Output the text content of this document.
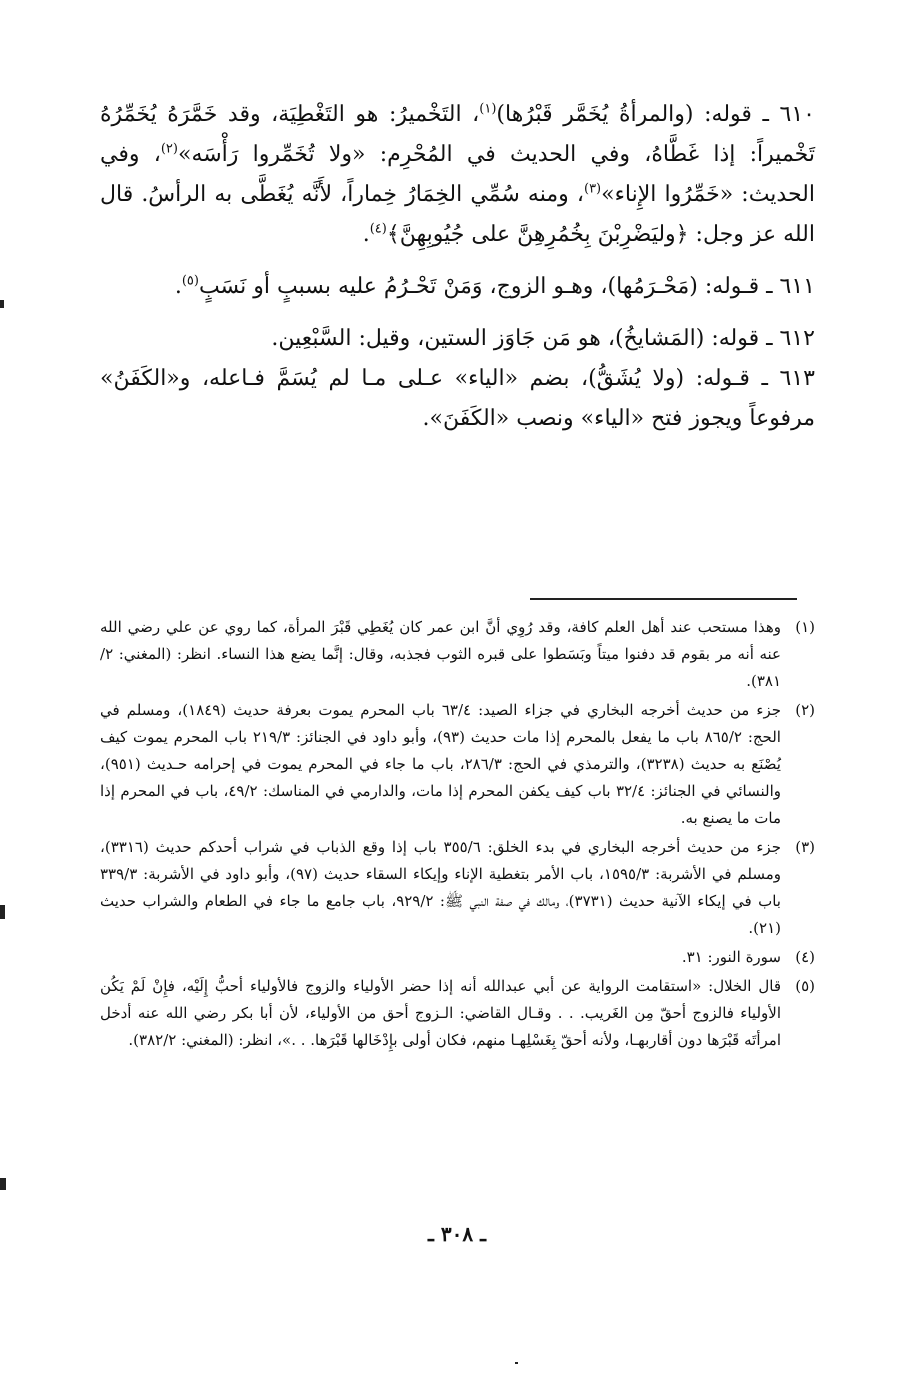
٦١٠ ـ قوله: (والمرأةُ يُخَمَّر قَبْرُها)$^{(١)}$، التَخْميرُ: هو التَغْطِيَة، وقد خَمَّرَهُ يُخَمِّرُهُ تَخْميراً: إذا غَطَّاهُ، وفي الحديث في المُحْرِم: «ولا تُخَمِّروا رَأْسَه»$^{(٢)}$، وفي الحديث: «خَمِّرُوا الإِناء»$^{(٣)}$، ومنه سُمِّي الخِمَارُ خِماراً، لأَنَّه يُغَطَّى به الرأسُ. قال الله عز وجل: ﴿وليَضْرِبْنَ بِخُمُرِهِنَّ على جُيُوبِهِنَّ﴾$^{(٤)}$.

٦١١ ـ قـوله: (مَحْـرَمُها)، وهـو الزوج، وَمَنْ تَحْـرُمُ عليه بسببٍ أو نَسَبٍ$^{(٥)}$.

٦١٢ ـ قوله: (المَشايخُ)، هو مَن جَاوَز الستين، وقيل: السَّبْعِين.

٦١٣ ـ قـوله: (ولا يُشَقُّ)، بضم «الياء» عـلى مـا لم يُسَمَّ فـاعله، و«الكَفَنُ» مرفوعاً ويجوز فتح «الياء» ونصب «الكَفَنَ».

(١)
وهذا مستحب عند أهل العلم كافة، وقد رُوِي أنَّ ابن عمر كان يُغَطِي قَبْرَ المرأة، كما روي عن علي رضي الله عنه أنه مر بقوم قد دفنوا ميتاً وبَسَطوا على قبره الثوب فجذبه، وقال: إنَّما يضع هذا النساء. انظر: (المغني: ٢/ ٣٨١).
(٢)
جزء من حديث أخرجه البخاري في جزاء الصيد: ٦٣/٤ باب المحرم يموت بعرفة حديث (١٨٤٩)، ومسلم في الحج: ٨٦٥/٢ باب ما يفعل بالمحرم إذا مات حديث (٩٣)، وأبو داود في الجنائز: ٢١٩/٣ باب المحرم يموت كيف يُصْنَع به حديث (٣٢٣٨)، والترمذي في الحج: ٢٨٦/٣، باب ما جاء في المحرم يموت في إحرامه حـديث (٩٥١)، والنسائي في الجنائز: ٣٢/٤ باب كيف يكفن المحرم إذا مات، والدارمي في المناسك: ٤٩/٢، باب في المحرم إذا مات ما يصنع به.
(٣)
جزء من حديث أخرجه البخاري في بدء الخلق: ٣٥٥/٦ باب إذا وقع الذباب في شراب أحدكم حديث (٣٣١٦)، ومسلم في الأشربة: ١٥٩٥/٣، باب الأمر بتغطية الإناء وإيكاء السقاء حديث (٩٧)، وأبو داود في الأشربة: ٣٣٩/٣ باب في إيكاء الآنية حديث (٣٧٣١)، ومالك في صفة النبي ﷺ: ٩٢٩/٢، باب جامع ما جاء في الطعام والشراب حديث (٢١).
(٤)
سورة النور: ٣١.
(٥)
قال الخلال: «استقامت الرواية عن أبي عبدالله أنه إذا حضر الأولياء والزوج فالأولياء أحبُّ إِلَيْه، فإِنْ لَمْ يَكُن الأولياء فالزوج أحقّ مِن الغَريب. . . وقـال القاضي: الـزوج أحق من الأولياء، لأن أبا بكر رضي الله عنه أدخل امرأتَه قَبْرَها دون أقاربهـا، ولأنه أحقّ بِغَسْلِهـا منهم، فكان أولى بإِدْخَالها قَبْرَها. . .»، انظر: (المغني: ٣٨٢/٢).
ـ ٣٠٨ ـ
